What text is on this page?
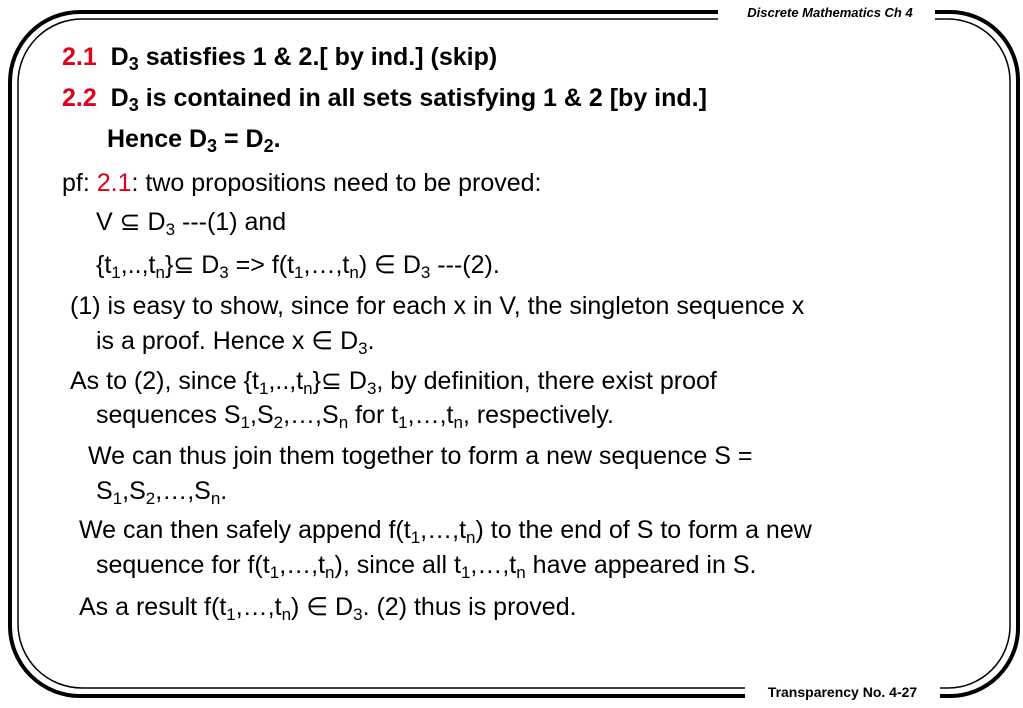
Discrete Mathematics Ch 4
Transparency No. 4-27
2.1 $D_3$ satisfies 1 & 2.[ by ind.] (skip)
2.2 $D_3$ is contained in all sets satisfying 1 & 2 [by ind.]
Hence $D_3 = D_2$.
pf: 2.1: two propositions need to be proved:
V ⊆ $D_3$ ---(1) and
$\{t_1,..,t_n\}⊆$ $D_3$ => $f(t_1,\dots,t_n)$ ∈ $D_3$ ---(2).
(1) is easy to show, since for each x in V, the singleton sequence x
is a proof. Hence x ∈ $D_3$.
As to (2), since $\{t_1,..,t_n\}⊆$ $D_3$, by definition, there exist proof
sequences $S_1,S_2,\dots,S_n$ for $t_1,\dots,t_n$, respectively.
We can thus join them together to form a new sequence S =
$S_1,S_2,\dots,S_n$.
We can then safely append $f(t_1,\dots,t_n)$ to the end of S to form a new
sequence for $f(t_1,\dots,t_n)$, since all $t_1,\dots,t_n$ have appeared in S.
As a result $f(t_1,\dots,t_n)$ ∈ $D_3$. (2) thus is proved.
